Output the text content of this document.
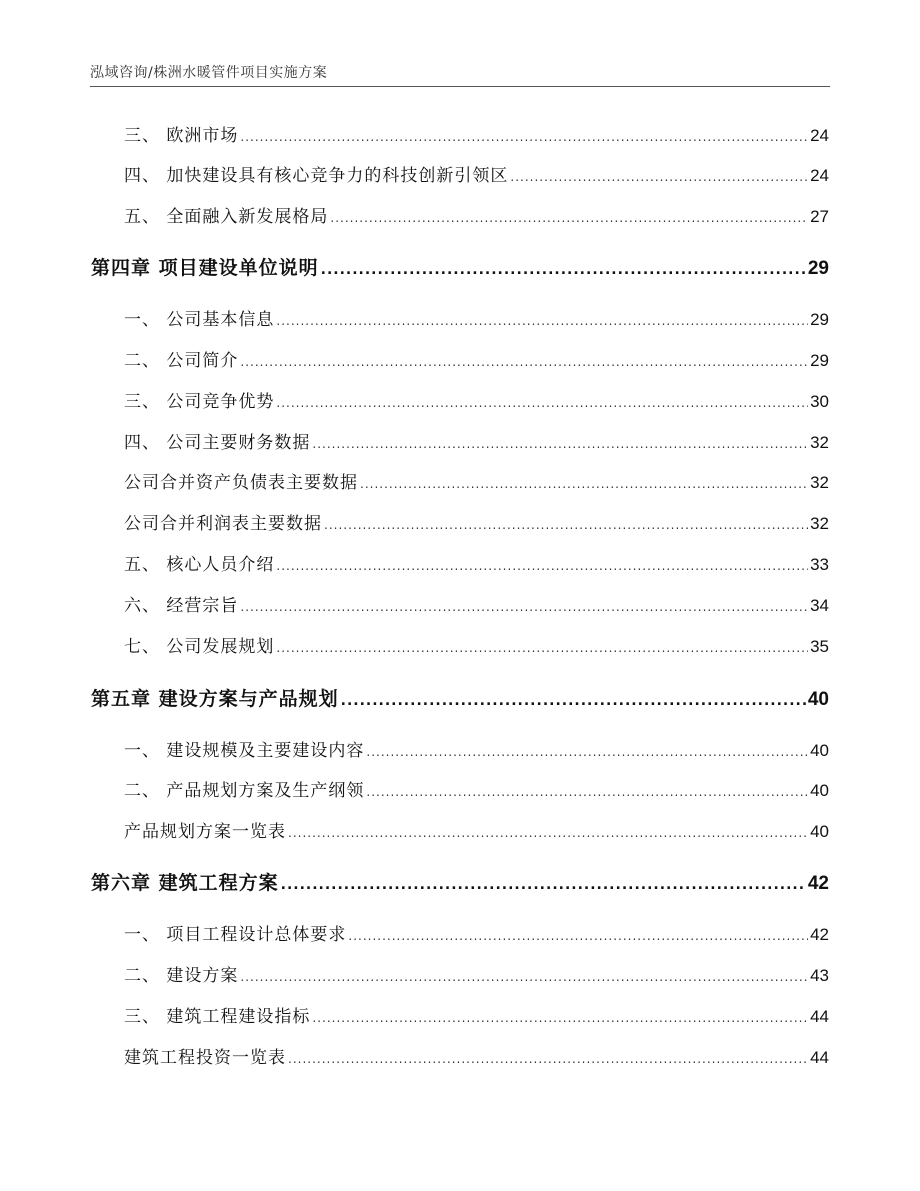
泓域咨询/株洲水暖管件项目实施方案
三、 欧洲市场 .....	24
四、 加快建设具有核心竞争力的科技创新引领区 .....	24
五、 全面融入新发展格局 .....	27
第四章 项目建设单位说明 .....	29
一、 公司基本信息 .....	29
二、 公司简介 .....	29
三、 公司竞争优势 .....	30
四、 公司主要财务数据 .....	32
公司合并资产负债表主要数据 .....	32
公司合并利润表主要数据 .....	32
五、 核心人员介绍 .....	33
六、 经营宗旨 .....	34
七、 公司发展规划 .....	35
第五章 建设方案与产品规划 .....	40
一、 建设规模及主要建设内容 .....	40
二、 产品规划方案及生产纲领 .....	40
产品规划方案一览表 .....	40
第六章 建筑工程方案 .....	42
一、 项目工程设计总体要求 .....	42
二、 建设方案 .....	43
三、 建筑工程建设指标 .....	44
建筑工程投资一览表 .....	44
